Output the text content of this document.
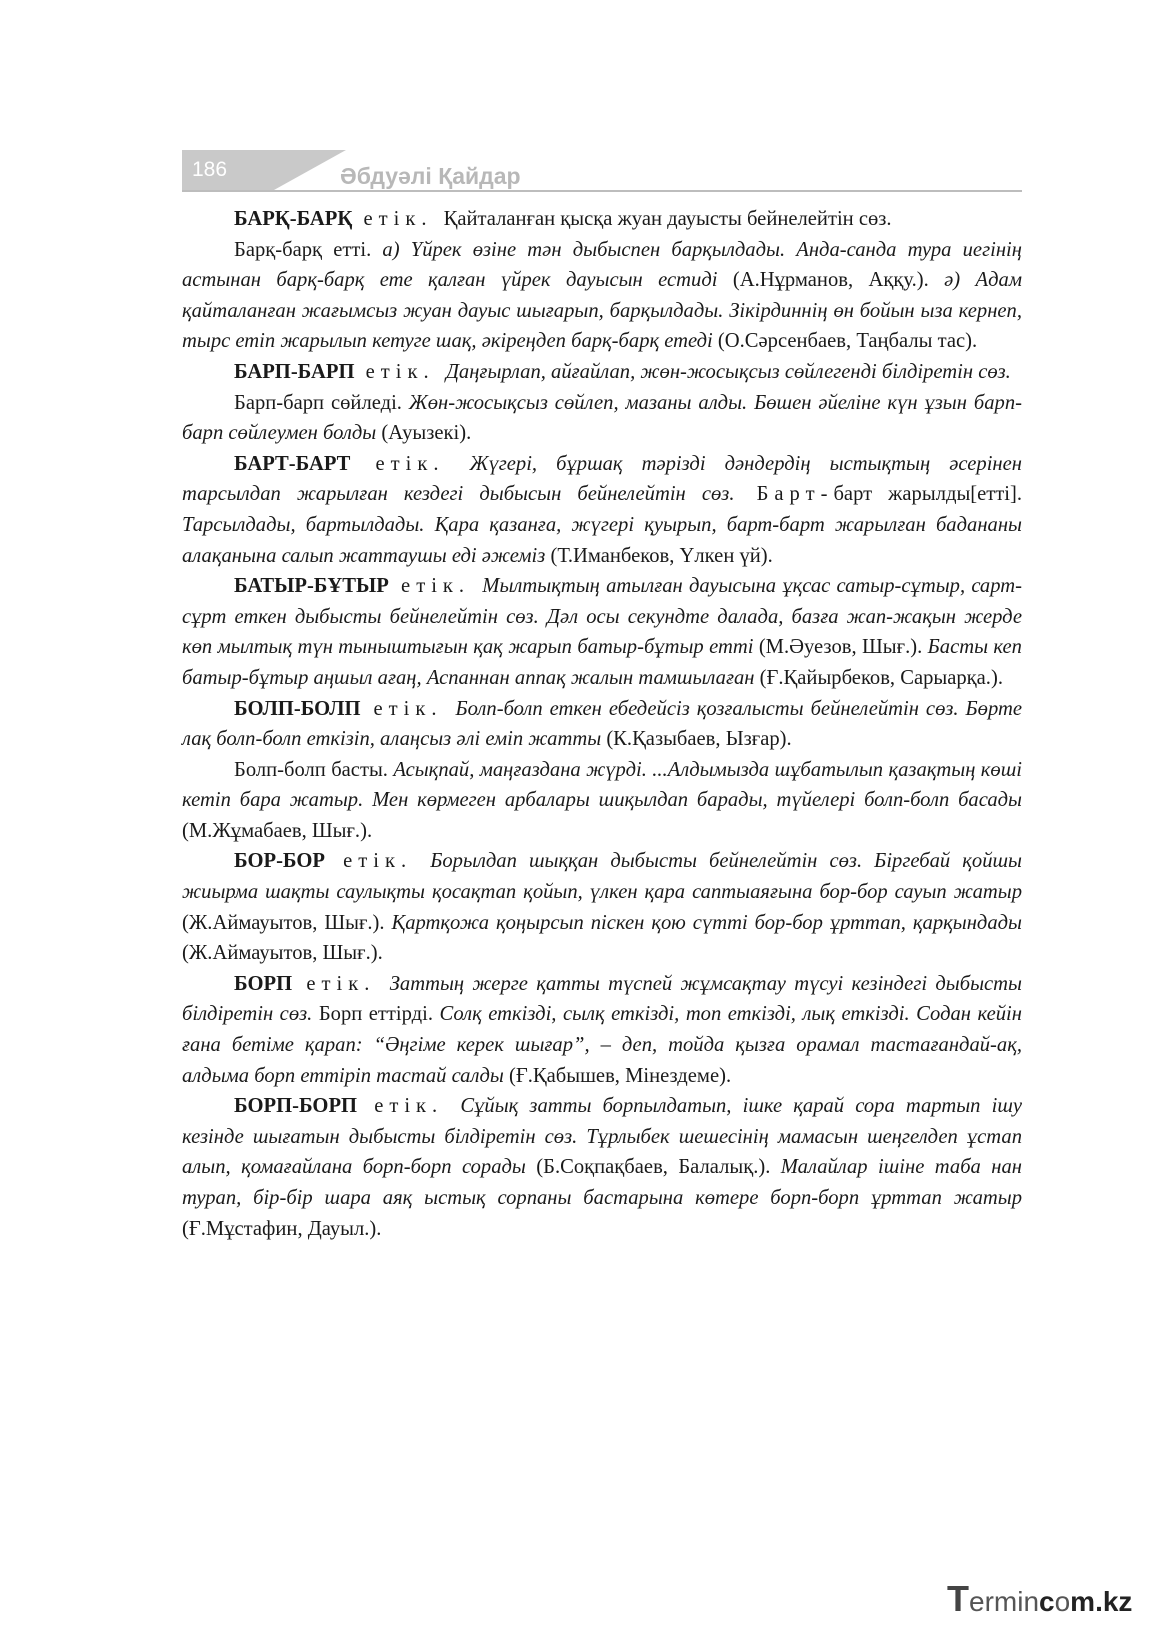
186	Әбдуәлі Қайдар

БАРҚ-БАРҚ етік. Қайталанған қысқа жуан дауысты бейнелейтін сөз.

Барқ-барқ етті. а) Үйрек өзіне тән дыбыспен барқылдады. Анда-санда тура иегінің астынан барқ-барқ ете қалған үйрек дауысын естиді (А.Нұрманов, Аққу.). ә) Адам қайталанған жағымсыз жуан дауыс шығарып, барқылдады. Зікірдиннің өн бойын ыза кернеп, тырс етіп жарылып кетуге шақ, әкіреңдеп барқ-барқ етеді (О.Сәрсенбаев, Таңбалы тас).

БАРП-БАРП етік. Даңғырлап, айғайлап, жөн-жосықсыз сөйлегенді білдіретін сөз.

Барп-барп сөйледі. Жөн-жосықсыз сөйлеп, мазаны алды. Бөшен әйеліне күн ұзын барп-барп сөйлеумен болды (Ауызекі).

БАРТ-БАРТ етік. Жүгері, бұршақ тәрізді дәндердің ыстықтың әсерінен тарсылдап жарылған кездегі дыбысын бейнелейтін сөз. Барт-барт жарылды[етті]. Тарсылдады, бартылдады. Қара қазанға, жүгері қуырып, барт-барт жарылған бадананы алақанына салып жаттаушы еді әжеміз (Т.Иманбеков, Үлкен үй).

БАТЫР-БҰТЫР етік. Мылтықтың атылған дауысына ұқсас сатыр-сұтыр, сарт-сұрт еткен дыбысты бейнелейтін сөз. Дәл осы секундте далада, базға жап-жақын жерде көп мылтық түн тыныштығын қақ жарып батыр-бұтыр етті (М.Әуезов, Шығ.). Басты кеп батыр-бұтыр аңшыл ағаң, Аспаннан аппақ жалын тамшылаған (Ғ.Қайырбеков, Сарыарқа.).

БОЛП-БОЛП етік. Болп-болп еткен ебедейсіз қозғалысты бейнелейтін сөз. Бөрте лақ болп-болп еткізіп, алаңсыз әлі еміп жатты (К.Қазыбаев, Ызғар).

Болп-болп басты. Асықпай, маңғаздана жүрді. ...Алдымызда шұбатылып қазақтың көші кетіп бара жатыр. Мен көрмеген арбалары шиқылдап барады, түйелері болп-болп басады (М.Жұмабаев, Шығ.).

БОР-БОР етік. Борылдап шыққан дыбысты бейнелейтін сөз. Біргебай қойшы жиырма шақты саулықты қосақтап қойып, үлкен қара саптыаяғына бор-бор сауып жатыр (Ж.Аймауытов, Шығ.). Қартқожа қоңырсып піскен қою сүтті бор-бор ұрттап, қарқындады (Ж.Аймауытов, Шығ.).

БОРП етік. Заттың жерге қатты түспей жұмсақтау түсуі кезіндегі дыбысты білдіретін сөз. Борп еттірді. Солқ еткізді, сылқ еткізді, топ еткізді, лық еткізді. Содан кейін ғана бетіме қарап: “Әңгіме керек шығар”, – деп, тойда қызға орамал тастағандай-ақ, алдыма борп еттіріп тастай салды (Ғ.Қабышев, Мінездеме).

БОРП-БОРП етік. Сұйық затты борпылдатып, ішке қарай сора тартып ішу кезінде шығатын дыбысты білдіретін сөз. Тұрлыбек шешесінің мамасын шеңгелдеп ұстап алып, қомағайлана борп-борп сорады (Б.Соқпақбаев, Балалық.). Малайлар ішіне таба нан турап, бір-бір шара аяқ ыстық сорпаны бастарына көтере борп-борп ұрттап жатыр (Ғ.Мұстафин, Дауыл.).

Termincom.kz
